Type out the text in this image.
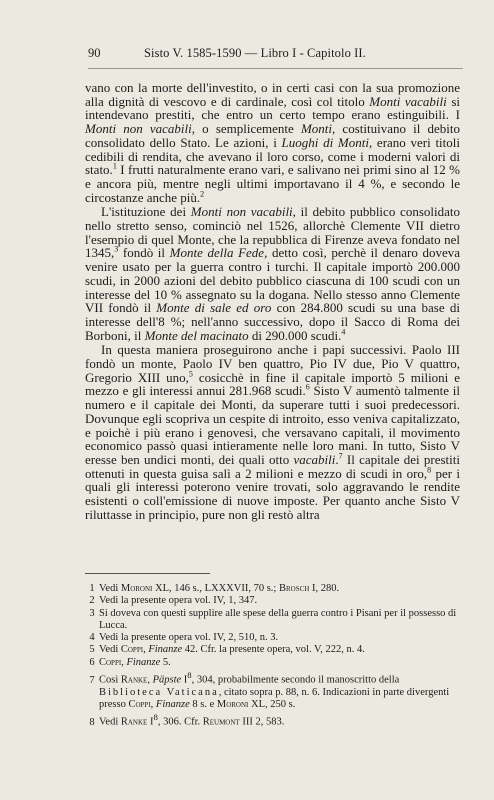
90	Sisto V. 1585-1590 — Libro I - Capitolo II.

vano con la morte dell'investito, o in certi casi con la sua promozione alla dignità di vescovo e di cardinale, così col titolo Monti vacabili si intendevano prestiti, che entro un certo tempo erano estinguibili. I Monti non vacabili, o semplicemente Monti, costituivano il debito consolidato dello Stato. Le azioni, i Luoghi di Monti, erano veri titoli cedibili di rendita, che avevano il loro corso, come i moderni valori di stato.$^1$ I frutti naturalmente erano vari, e salivano nei primi sino al 12 % e ancora più, mentre negli ultimi importavano il 4 %, e secondo le circostanze anche più.$^2$

L'istituzione dei Monti non vacabili, il debito pubblico consolidato nello stretto senso, cominciò nel 1526, allorchè Clemente VII dietro l'esempio di quel Monte, che la repubblica di Firenze aveva fondato nel 1345,$^3$ fondò il Monte della Fede, detto così, perchè il denaro doveva venire usato per la guerra contro i turchi. Il capitale importò 200.000 scudi, in 2000 azioni del debito pubblico ciascuna di 100 scudi con un interesse del 10 % assegnato su la dogana. Nello stesso anno Clemente VII fondò il Monte di sale ed oro con 284.800 scudi su una base di interesse dell'8 %; nell'anno successivo, dopo il Sacco di Roma dei Borboni, il Monte del macinato di 290.000 scudi.$^4$

In questa maniera proseguirono anche i papi successivi. Paolo III fondò un monte, Paolo IV ben quattro, Pio IV due, Pio V quattro, Gregorio XIII uno,$^5$ cosicchè in fine il capitale importò 5 milioni e mezzo e gli interessi annui 281.968 scudi.$^6$ Sisto V aumentò talmente il numero e il capitale dei Monti, da superare tutti i suoi predecessori. Dovunque egli scopriva un cespite di introito, esso veniva capitalizzato, e poichè i più erano i genovesi, che versavano capitali, il movimento economico passò quasi intieramente nelle loro mani. In tutto, Sisto V eresse ben undici monti, dei quali otto vacabili.$^7$ Il capitale dei prestiti ottenuti in questa guisa salì a 2 milioni e mezzo di scudi in oro,$^8$ per i quali gli interessi poterono venire trovati, solo aggravando le rendite esistenti o coll'emissione di nuove imposte. Per quanto anche Sisto V riluttasse in principio, pure non gli restò altra

1 Vedi Moroni XL, 146 s., LXXXVII, 70 s.; Brosch I, 280.

2 Vedi la presente opera vol. IV, 1, 347.

3 Si doveva con questi supplire alle spese della guerra contro i Pisani per il possesso di Lucca.

4 Vedi la presente opera vol. IV, 2, 510, n. 3.

5 Vedi Coppi, Finanze 42. Cfr. la presente opera, vol. V, 222, n. 4.

6 Coppi, Finanze 5.

7 Così Ranke, Päpste $I^8$, 304, probabilmente secondo il manoscritto della Biblioteca Vaticana, citato sopra p. 88, n. 6. Indicazioni in parte divergenti presso Coppi, Finanze 8 s. e Moroni XL, 250 s.

8 Vedi Ranke $I^8$, 306. Cfr. Reumont III 2, 583.
